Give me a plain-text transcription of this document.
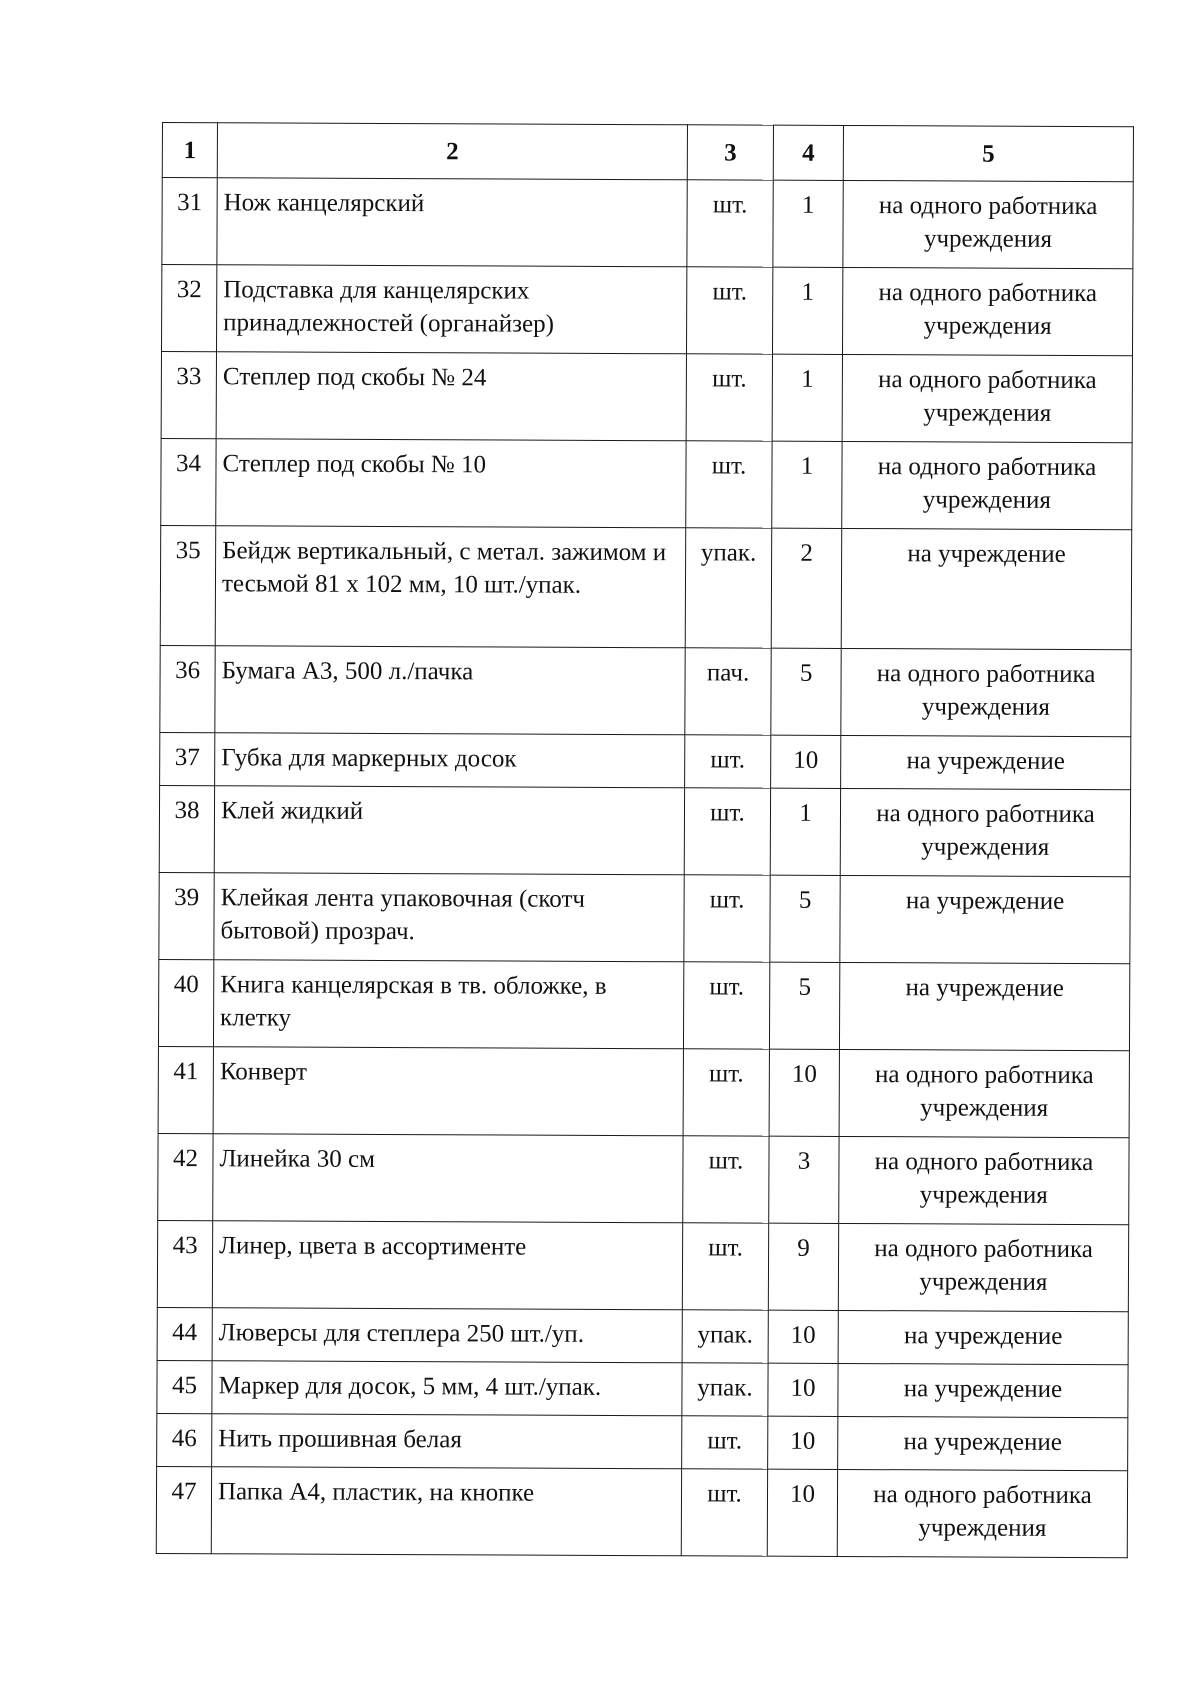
1	2	3	4	5
31	Нож канцелярский	шт.	1	на одного работника учреждения
32	Подставка для канцелярских принадлежностей (органайзер)	шт.	1	на одного работника учреждения
33	Степлер под скобы № 24	шт.	1	на одного работника учреждения
34	Степлер под скобы № 10	шт.	1	на одного работника учреждения
35	Бейдж вертикальный, с метал. зажимом и тесьмой 81 х 102 мм, 10 шт./упак.	упак.	2	на учреждение
36	Бумага А3, 500 л./пачка	пач.	5	на одного работника учреждения
37	Губка для маркерных досок	шт.	10	на учреждение
38	Клей жидкий	шт.	1	на одного работника учреждения
39	Клейкая лента упаковочная (скотч бытовой) прозрач.	шт.	5	на учреждение
40	Книга канцелярская в тв. обложке, в клетку	шт.	5	на учреждение
41	Конверт	шт.	10	на одного работника учреждения
42	Линейка 30 см	шт.	3	на одного работника учреждения
43	Линер, цвета в ассортименте	шт.	9	на одного работника учреждения
44	Люверсы для степлера 250 шт./уп.	упак.	10	на учреждение
45	Маркер для досок, 5 мм, 4 шт./упак.	упак.	10	на учреждение
46	Нить прошивная белая	шт.	10	на учреждение
47	Папка А4, пластик, на кнопке	шт.	10	на одного работника учреждения
